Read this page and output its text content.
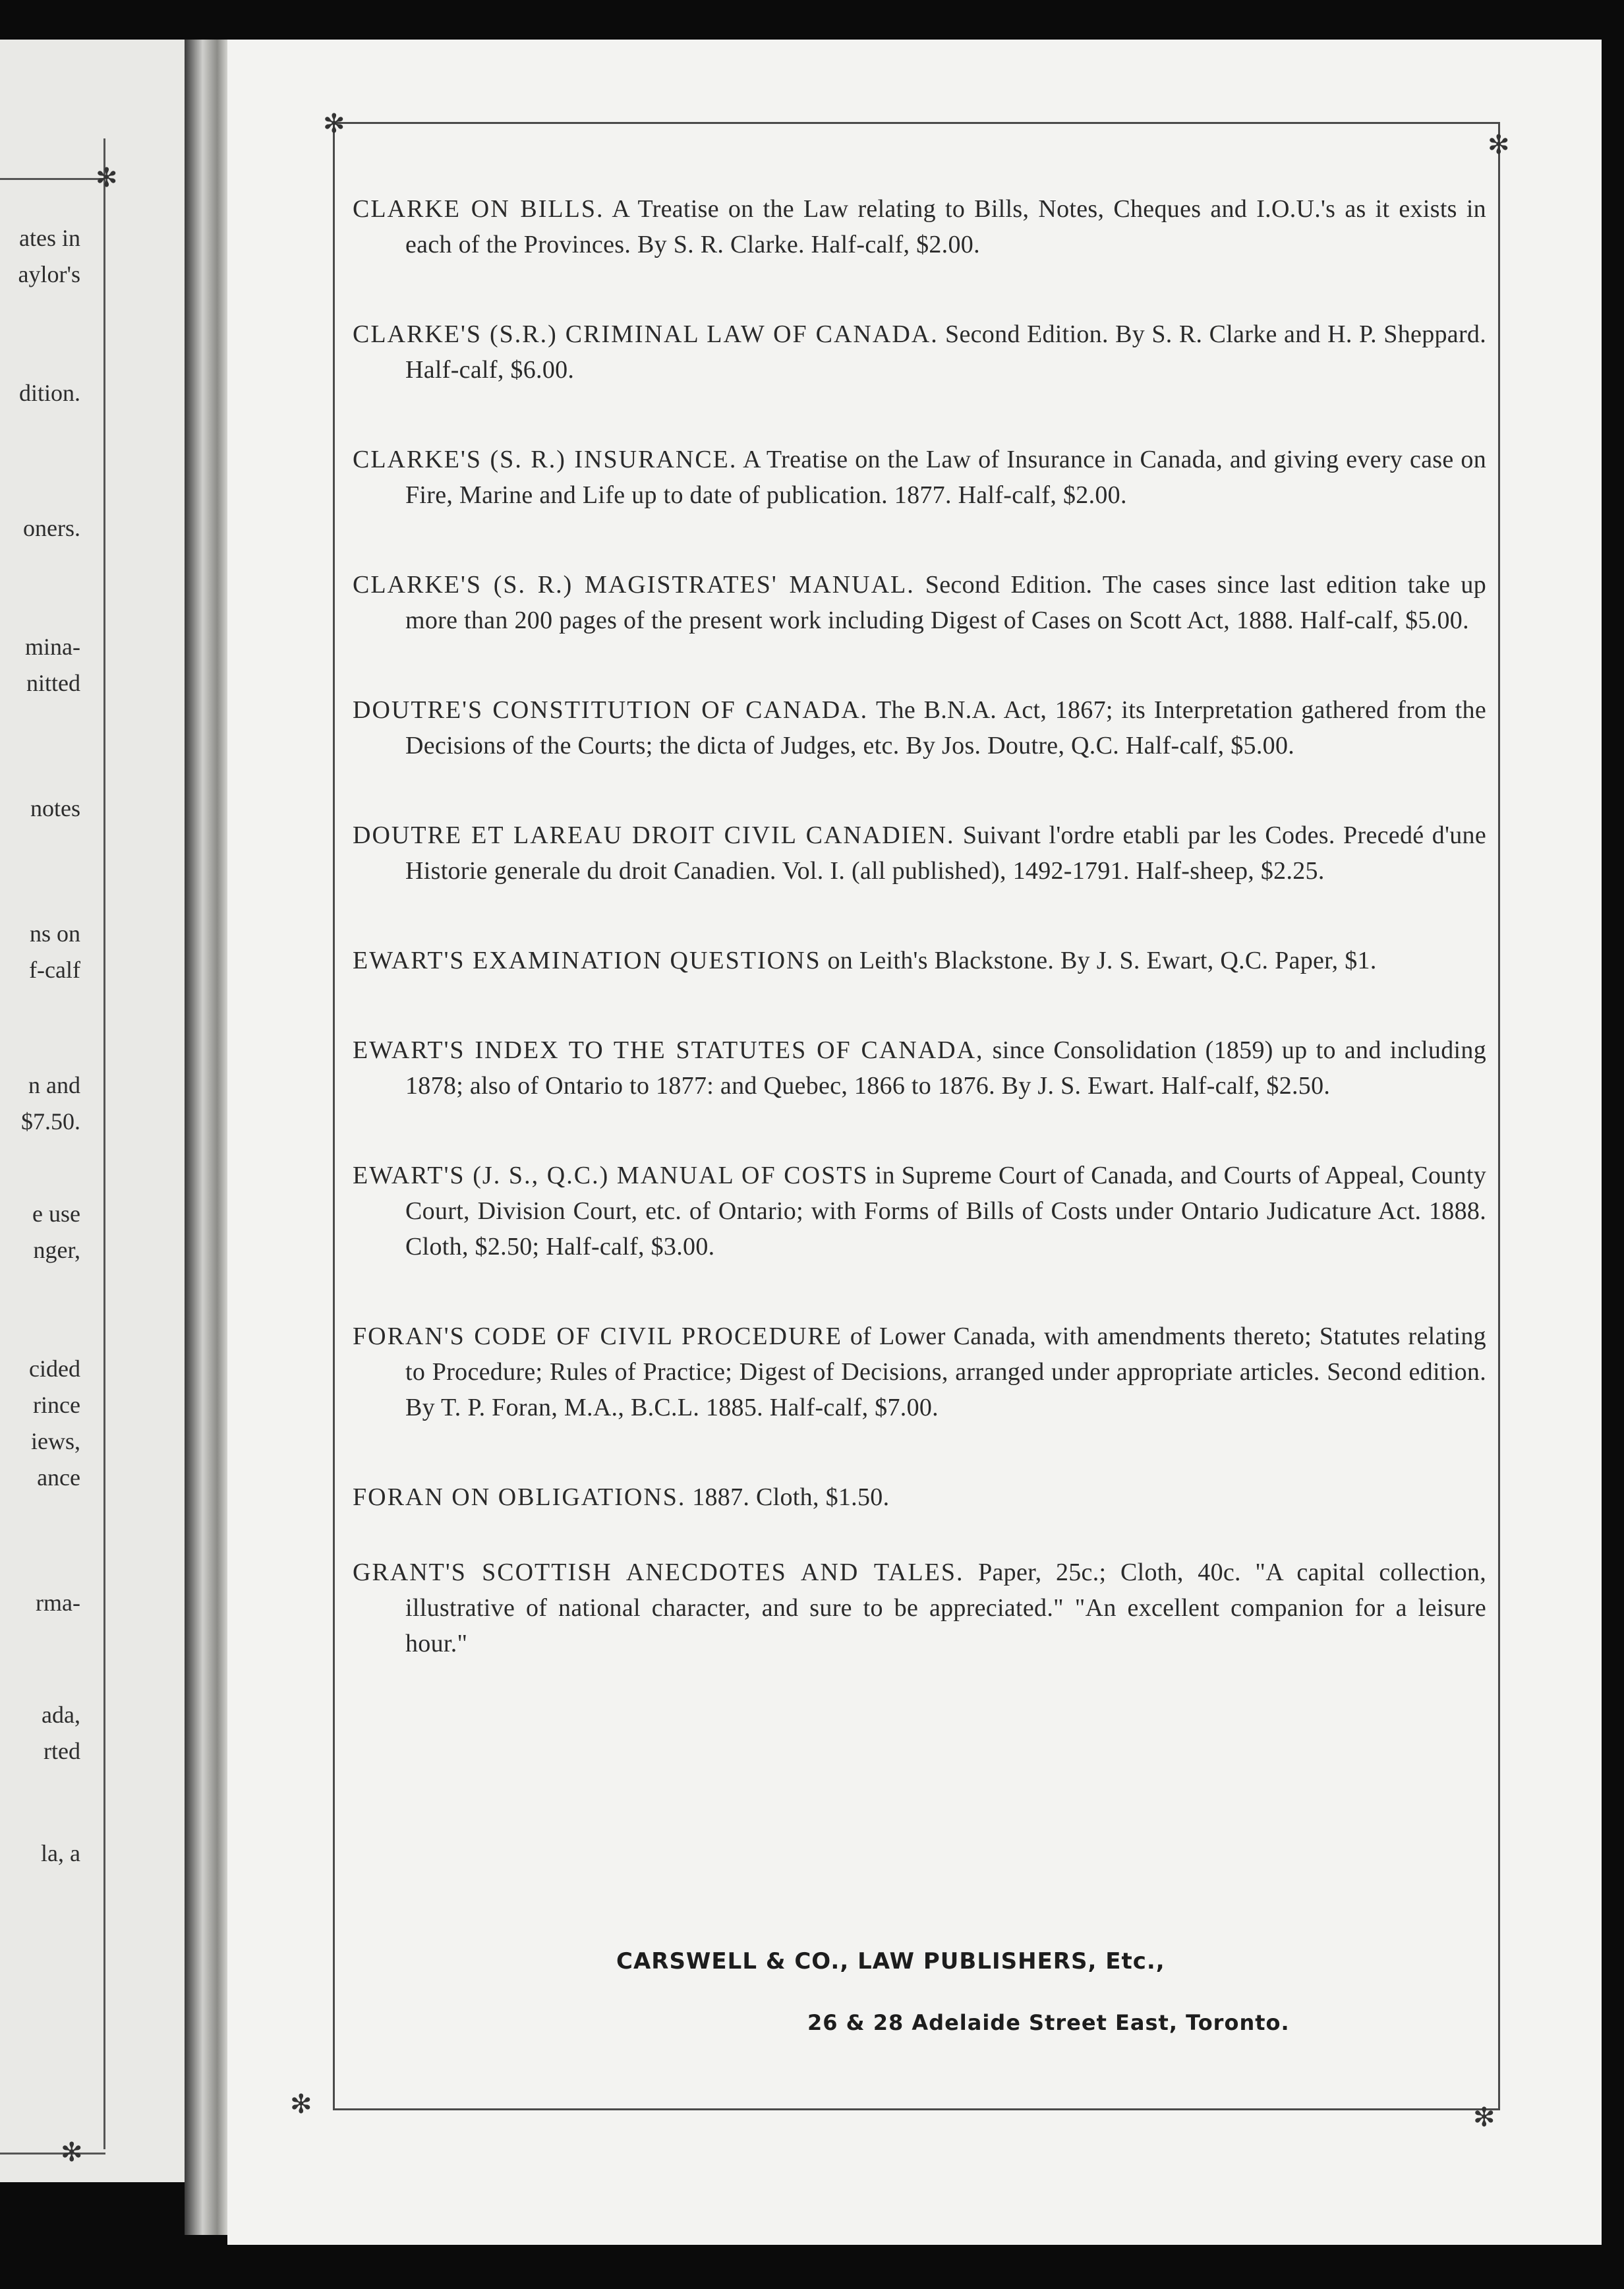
✻
✻
ates in
aylor's
dition.
oners.
mina-
nitted
notes
ns on
f-calf
n and
$7.50.
e use
nger,
cided
rince
iews,
ance
rma-
ada,
rted
la, a
✻
✻
✻	✻
CLARKE ON BILLS. A Treatise on the Law relating to Bills, Notes, Cheques and I.O.U.'s as it exists in each of the Provinces. By S. R. Clarke. Half-calf, $2.00.
CLARKE'S (S.R.) CRIMINAL LAW OF CANADA. Second Edition. By S. R. Clarke and H. P. Sheppard. Half-calf, $6.00.
CLARKE'S (S. R.) INSURANCE. A Treatise on the Law of Insurance in Canada, and giving every case on Fire, Marine and Life up to date of publication. 1877. Half-calf, $2.00.
CLARKE'S (S. R.) MAGISTRATES' MANUAL. Second Edition. The cases since last edition take up more than 200 pages of the present work including Digest of Cases on Scott Act, 1888. Half-calf, $5.00.
DOUTRE'S CONSTITUTION OF CANADA. The B.N.A. Act, 1867; its Interpretation gathered from the Decisions of the Courts; the dicta of Judges, etc. By Jos. Doutre, Q.C. Half-calf, $5.00.
DOUTRE ET LAREAU DROIT CIVIL CANADIEN. Suivant l'ordre etabli par les Codes. Precedé d'une Historie generale du droit Canadien. Vol. I. (all published), 1492-1791. Half-sheep, $2.25.
EWART'S EXAMINATION QUESTIONS on Leith's Blackstone. By J. S. Ewart, Q.C. Paper, $1.
EWART'S INDEX TO THE STATUTES OF CANADA, since Consolidation (1859) up to and including 1878; also of Ontario to 1877: and Quebec, 1866 to 1876. By J. S. Ewart. Half-calf, $2.50.
EWART'S (J. S., Q.C.) MANUAL OF COSTS in Supreme Court of Canada, and Courts of Appeal, County Court, Division Court, etc. of Ontario; with Forms of Bills of Costs under Ontario Judicature Act. 1888. Cloth, $2.50; Half-calf, $3.00.
FORAN'S CODE OF CIVIL PROCEDURE of Lower Canada, with amendments thereto; Statutes relating to Procedure; Rules of Practice; Digest of Decisions, arranged under appropriate articles. Second edition. By T. P. Foran, M.A., B.C.L. 1885. Half-calf, $7.00.
FORAN ON OBLIGATIONS. 1887. Cloth, $1.50.
GRANT'S SCOTTISH ANECDOTES AND TALES. Paper, 25c.; Cloth, 40c. "A capital collection, illustrative of national character, and sure to be appreciated." "An excellent companion for a leisure hour."
CARSWELL & CO., LAW PUBLISHERS, Etc.,
26 & 28 Adelaide Street East, Toronto.
